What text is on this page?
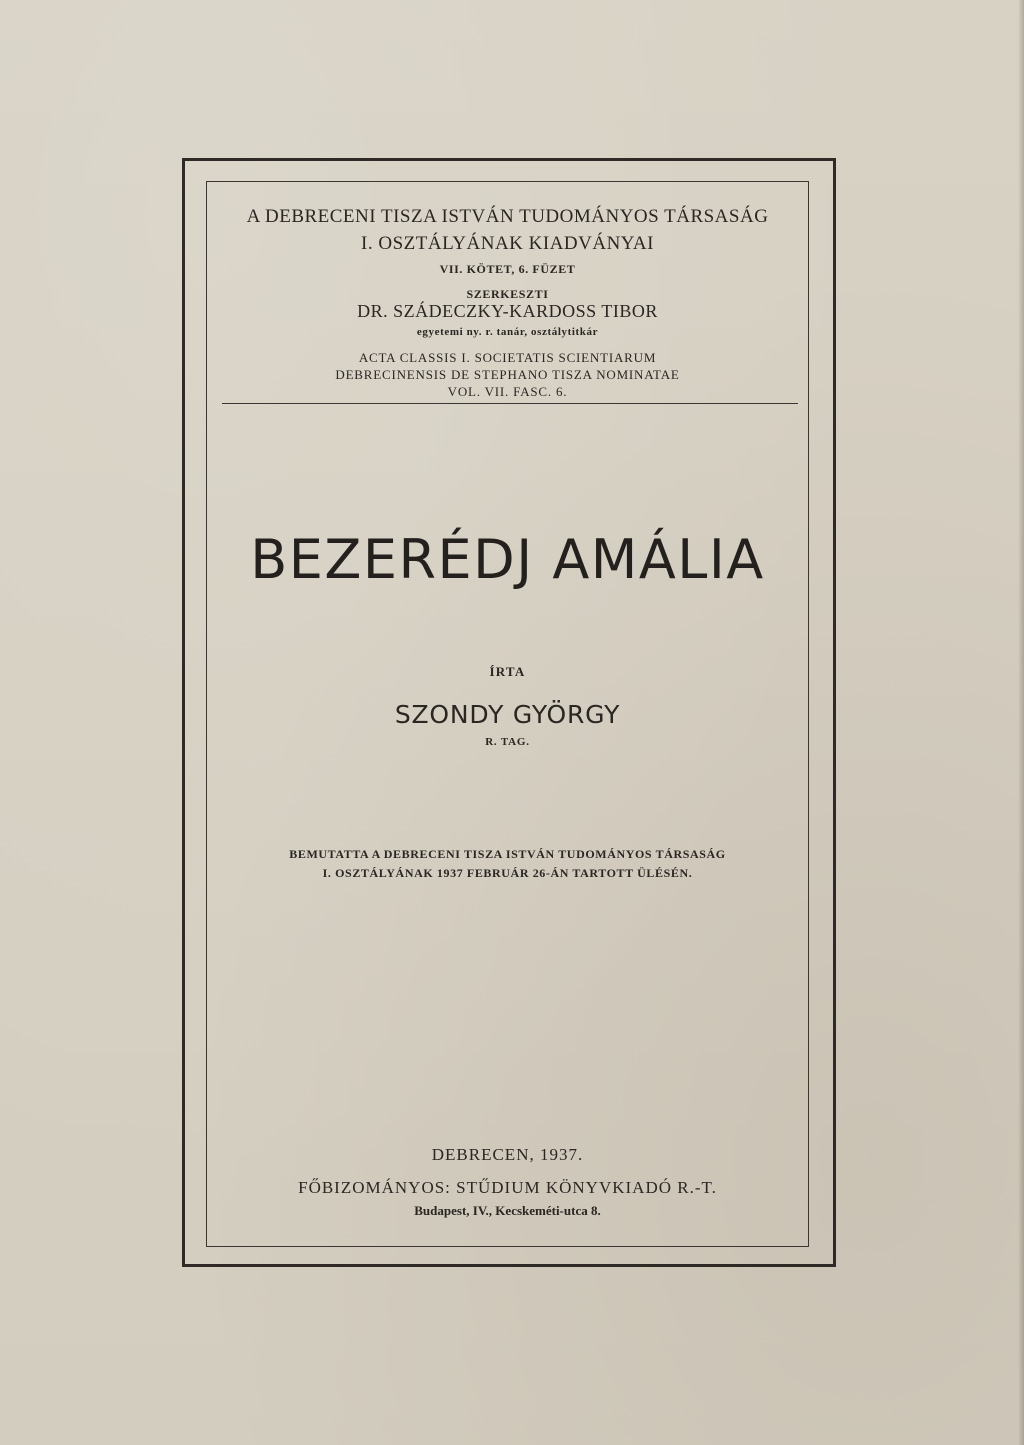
A DEBRECENI TISZA ISTVÁN TUDOMÁNYOS TÁRSASÁG
I. OSZTÁLYÁNAK KIADVÁNYAI
VII. KÖTET, 6. FÜZET
SZERKESZTI
DR. SZÁDECZKY-KARDOSS TIBOR
egyetemi ny. r. tanár, osztálytitkár
ACTA CLASSIS I. SOCIETATIS SCIENTIARUM
DEBRECINENSIS DE STEPHANO TISZA NOMINATAE
VOL. VII. FASC. 6.
BEZERÉDJ AMÁLIA
ÍRTA
SZONDY GYÖRGY
R. TAG.
BEMUTATTA A DEBRECENI TISZA ISTVÁN TUDOMÁNYOS TÁRSASÁG
I. OSZTÁLYÁNAK 1937 FEBRUÁR 26-ÁN TARTOTT ÜLÉSÉN.
DEBRECEN, 1937.
FŐBIZOMÁNYOS: STŰDIUM KÖNYVKIADÓ R.-T.
Budapest, IV., Kecskeméti-utca 8.
